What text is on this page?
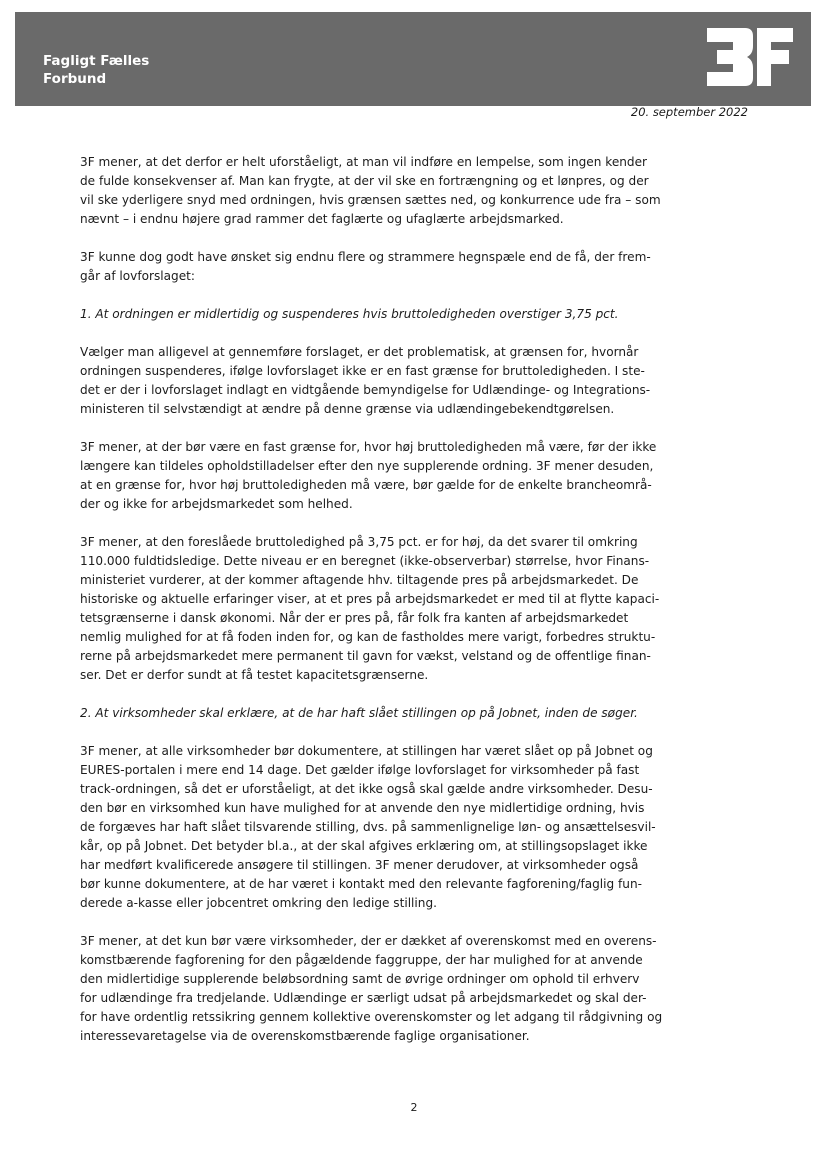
Fagligt Fælles
Forbund
20. september 2022

3F mener, at det derfor er helt uforståeligt, at man vil indføre en lempelse, som ingen kender
de fulde konsekvenser af. Man kan frygte, at der vil ske en fortrængning og et lønpres, og der
vil ske yderligere snyd med ordningen, hvis grænsen sættes ned, og konkurrence ude fra – som
nævnt – i endnu højere grad rammer det faglærte og ufaglærte arbejdsmarked.

3F kunne dog godt have ønsket sig endnu flere og strammere hegnspæle end de få, der frem-
går af lovforslaget:

1. At ordningen er midlertidig og suspenderes hvis bruttoledigheden overstiger 3,75 pct.

Vælger man alligevel at gennemføre forslaget, er det problematisk, at grænsen for, hvornår
ordningen suspenderes, ifølge lovforslaget ikke er en fast grænse for bruttoledigheden. I ste-
det er der i lovforslaget indlagt en vidtgående bemyndigelse for Udlændinge- og Integrations-
ministeren til selvstændigt at ændre på denne grænse via udlændingebekendtgørelsen.

3F mener, at der bør være en fast grænse for, hvor høj bruttoledigheden må være, før der ikke
længere kan tildeles opholdstilladelser efter den nye supplerende ordning. 3F mener desuden,
at en grænse for, hvor høj bruttoledigheden må være, bør gælde for de enkelte brancheområ-
der og ikke for arbejdsmarkedet som helhed.

3F mener, at den foreslåede bruttoledighed på 3,75 pct. er for høj, da det svarer til omkring
110.000 fuldtidsledige. Dette niveau er en beregnet (ikke-observerbar) størrelse, hvor Finans-
ministeriet vurderer, at der kommer aftagende hhv. tiltagende pres på arbejdsmarkedet. De
historiske og aktuelle erfaringer viser, at et pres på arbejdsmarkedet er med til at flytte kapaci-
tetsgrænserne i dansk økonomi. Når der er pres på, får folk fra kanten af arbejdsmarkedet
nemlig mulighed for at få foden inden for, og kan de fastholdes mere varigt, forbedres struktu-
rerne på arbejdsmarkedet mere permanent til gavn for vækst, velstand og de offentlige finan-
ser. Det er derfor sundt at få testet kapacitetsgrænserne.

2. At virksomheder skal erklære, at de har haft slået stillingen op på Jobnet, inden de søger.

3F mener, at alle virksomheder bør dokumentere, at stillingen har været slået op på Jobnet og
EURES-portalen i mere end 14 dage. Det gælder ifølge lovforslaget for virksomheder på fast
track-ordningen, så det er uforståeligt, at det ikke også skal gælde andre virksomheder. Desu-
den bør en virksomhed kun have mulighed for at anvende den nye midlertidige ordning, hvis
de forgæves har haft slået tilsvarende stilling, dvs. på sammenlignelige løn- og ansættelsesvil-
kår, op på Jobnet. Det betyder bl.a., at der skal afgives erklæring om, at stillingsopslaget ikke
har medført kvalificerede ansøgere til stillingen. 3F mener derudover, at virksomheder også
bør kunne dokumentere, at de har været i kontakt med den relevante fagforening/faglig fun-
derede a-kasse eller jobcentret omkring den ledige stilling.

3F mener, at det kun bør være virksomheder, der er dækket af overenskomst med en overens-
komstbærende fagforening for den pågældende faggruppe, der har mulighed for at anvende
den midlertidige supplerende beløbsordning samt de øvrige ordninger om ophold til erhverv
for udlændinge fra tredjelande. Udlændinge er særligt udsat på arbejdsmarkedet og skal der-
for have ordentlig retssikring gennem kollektive overenskomster og let adgang til rådgivning og
interessevaretagelse via de overenskomstbærende faglige organisationer.

2
